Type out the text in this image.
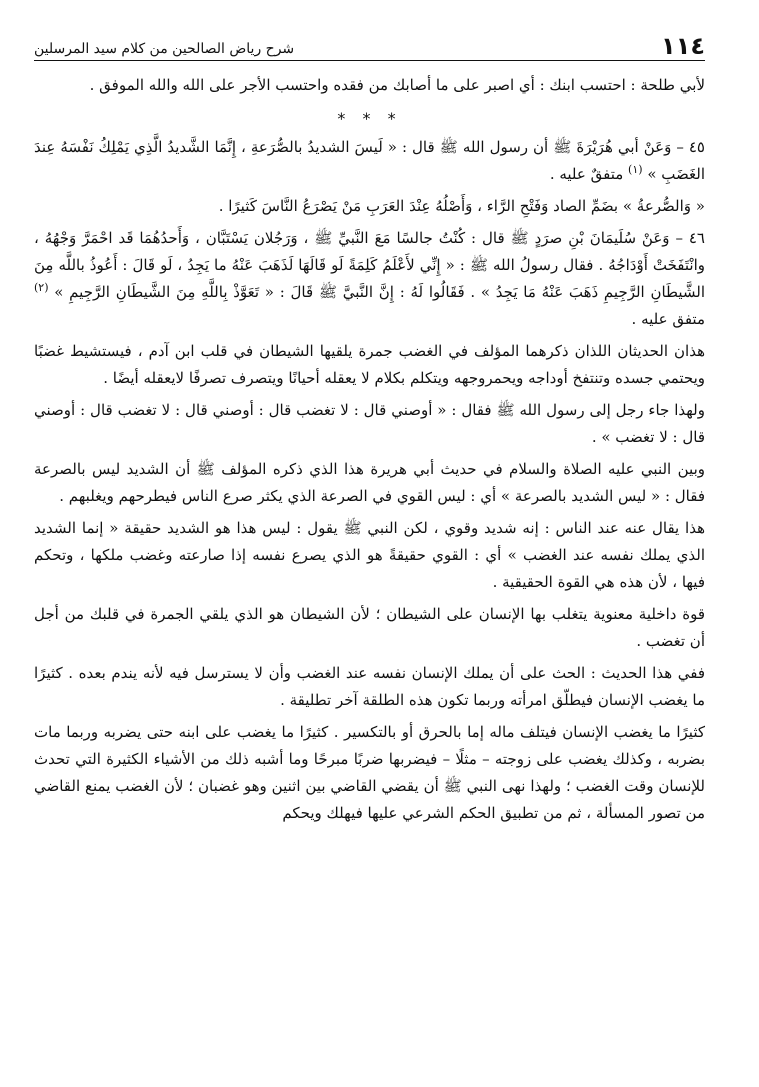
١١٤
شرح رياض الصالحين من كلام سيد المرسلين

لأبي طلحة : احتسب ابنك : أي اصبر على ما أصابك من فقده واحتسب الأجر على الله والله الموفق .

* * *

٤٥ – وَعَنْ أبي هُرَيْرَةَ ﷺ أن رسول الله ﷺ قال : « لَيسَ الشديدُ بالصُّرَعةِ ، إِنَّمَا الشَّديدُ الَّذِي يَمْلِكُ نَفْسَهُ عِندَ الغَضَبِ » $^{(١)}$ متفقٌ عليه .

« وَالصُّرعةُ » بضَمِّ الصاد وَفَتْحِ الرَّاء ، وَأَصْلُهُ عِنْدَ العَرَبِ مَنْ يَصْرَعُ النَّاسَ كَثيرًا .

٤٦ – وَعَنْ سُلَيمَانَ بْنِ صرَدٍ ﷺ قال : كُنْتُ جالسًا مَعَ النَّبيِّ ﷺ ، وَرَجُلان يَسْتَبَّان ، وَأَحدُهُمَا قَد احْمَرَّ وَجْهُهُ ، وانْتَفَخَتْ أَوْدَاجُهُ . فقال رسولُ الله ﷺ : « إِنِّي لأَعْلَمُ كَلِمَةً لَو قَالَهَا لَذَهَبَ عَنْهُ ما يَجِدُ ، لَو قَالَ : أَعُوذُ باللَّه مِنَ الشَّيطَانِ الرَّجِيمِ ذَهَبَ عَنْهُ مَا يَجِدُ » . فَقَالُوا لَهُ : إِنَّ النَّبيَّ ﷺ قَالَ : « تَعَوَّذْ بِاللَّهِ مِنَ الشَّيطَانِ الرَّجِيمِ » $^{(٢)}$ متفق عليه .

هذان الحديثان اللذان ذكرهما المؤلف في الغضب جمرة يلقيها الشيطان في قلب ابن آدم ، فيستشيط غضبًا ويحتمي جسده وتنتفخ أوداجه ويحمروجهه ويتكلم بكلام لا يعقله أحيانًا ويتصرف تصرفًا لايعقله أيضًا .

ولهذا جاء رجل إلى رسول الله ﷺ فقال : « أوصني قال : لا تغضب قال : أوصني قال : لا تغضب قال : أوصني قال : لا تغضب » .

وبين النبي عليه الصلاة والسلام في حديث أبي هريرة هذا الذي ذكره المؤلف ﷺ أن الشديد ليس بالصرعة فقال : « ليس الشديد بالصرعة » أي : ليس القوي في الصرعة الذي يكثر صرع الناس فيطرحهم ويغلبهم .

هذا يقال عنه عند الناس : إنه شديد وقوي ، لكن النبي ﷺ يقول : ليس هذا هو الشديد حقيقة « إنما الشديد الذي يملك نفسه عند الغضب » أي : القوي حقيقةً هو الذي يصرع نفسه إذا صارعته وغضب ملكها ، وتحكم فيها ، لأن هذه هي القوة الحقيقية .

قوة داخلية معنوية يتغلب بها الإنسان على الشيطان ؛ لأن الشيطان هو الذي يلقي الجمرة في قلبك من أجل أن تغضب .

ففي هذا الحديث : الحث على أن يملك الإنسان نفسه عند الغضب وأن لا يسترسل فيه لأنه يندم بعده . كثيرًا ما يغضب الإنسان فيطلّق امرأته وربما تكون هذه الطلقة آخر تطليقة .

كثيرًا ما يغضب الإنسان فيتلف ماله إما بالحرق أو بالتكسير . كثيرًا ما يغضب على ابنه حتى يضربه وربما مات بضربه ، وكذلك يغضب على زوجته – مثلًا – فيضربها ضربًا مبرحًا وما أشبه ذلك من الأشياء الكثيرة التي تحدث للإنسان وقت الغضب ؛ ولهذا نهى النبي ﷺ أن يقضي القاضي بين اثنين وهو غضبان ؛ لأن الغضب يمنع القاضي من تصور المسألة ، ثم من تطبيق الحكم الشرعي عليها فيهلك ويحكم
